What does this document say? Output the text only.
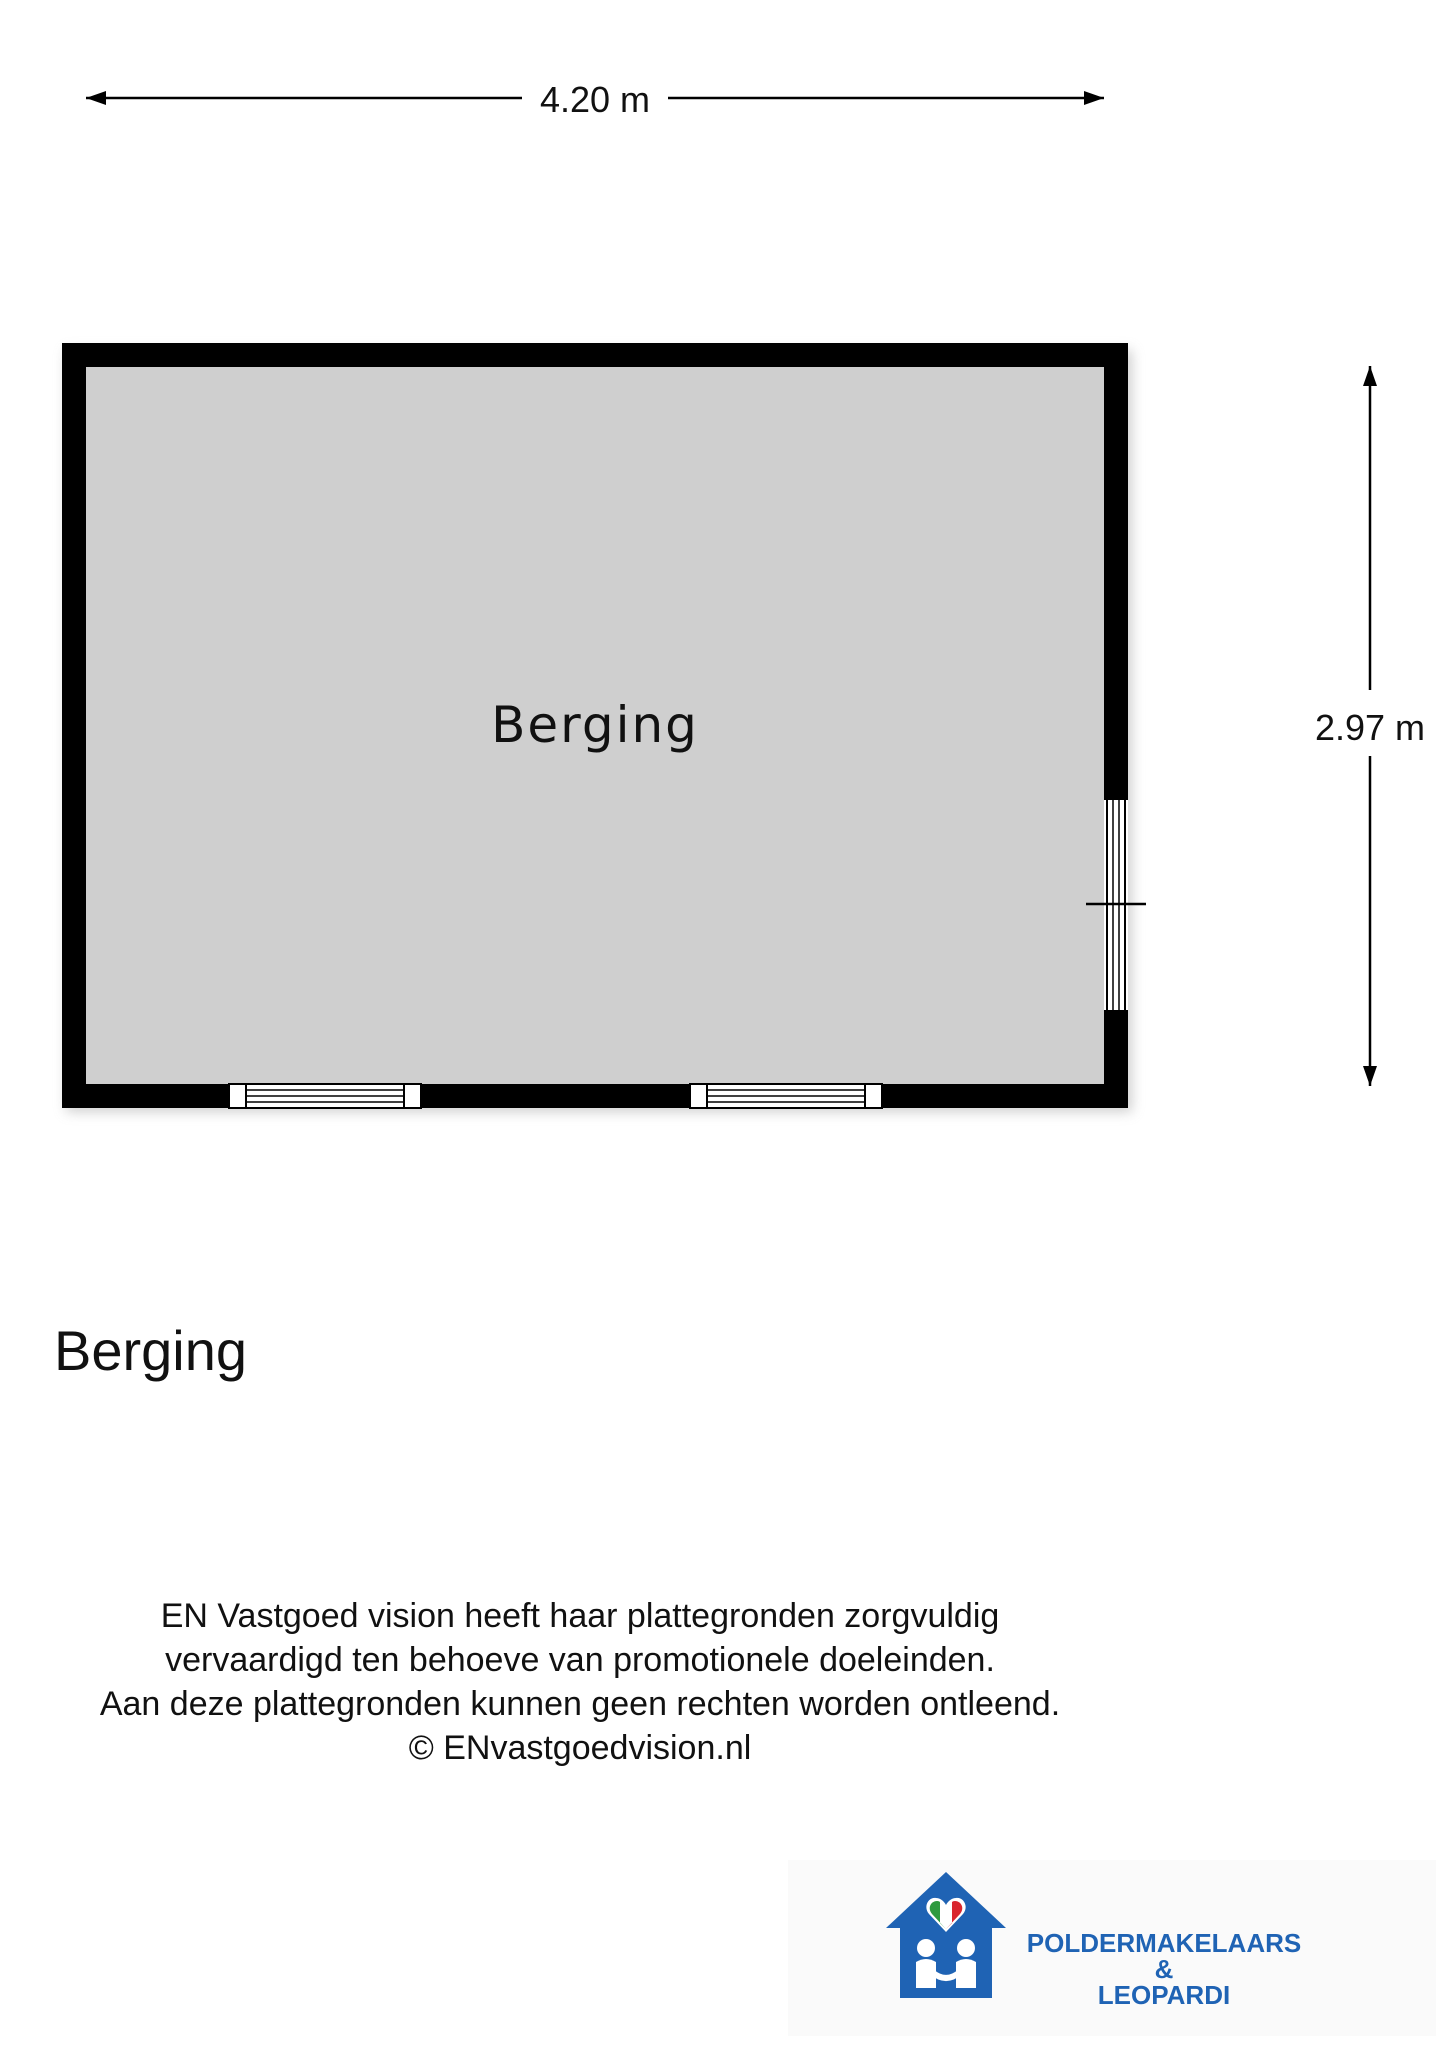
4.20 m
2.97 m
Berging
Berging
EN Vastgoed vision heeft haar plattegronden zorgvuldig
vervaardigd ten behoeve van promotionele doeleinden.
Aan deze plattegronden kunnen geen rechten worden ontleend.
© ENvastgoedvision.nl
POLDERMAKELAARS
&
LEOPARDI
